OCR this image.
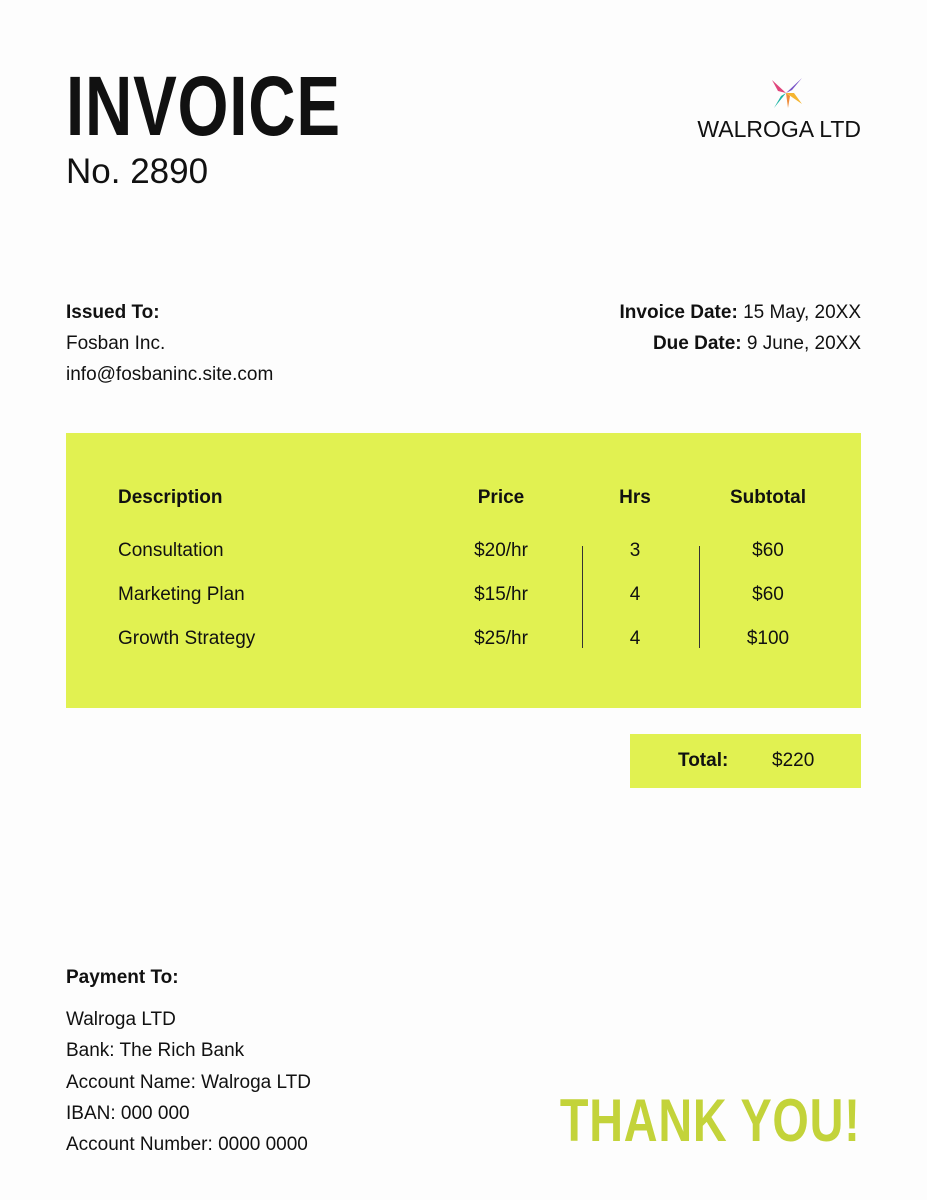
INVOICE
No. 2890
WALROGA LTD
Issued To:
Fosban Inc.
info@fosbaninc.site.com
Invoice Date: 15 May, 20XX
Due Date: 9 June, 20XX
Description	Price	Hrs	Subtotal
Consultation	$20/hr	3	$60
Marketing Plan	$15/hr	4	$60
Growth Strategy	$25/hr	4	$100
Total: $220
Payment To:
Walroga LTD
Bank: The Rich Bank
Account Name: Walroga LTD
IBAN: 000 000
Account Number: 0000 0000	THANK YOU!
